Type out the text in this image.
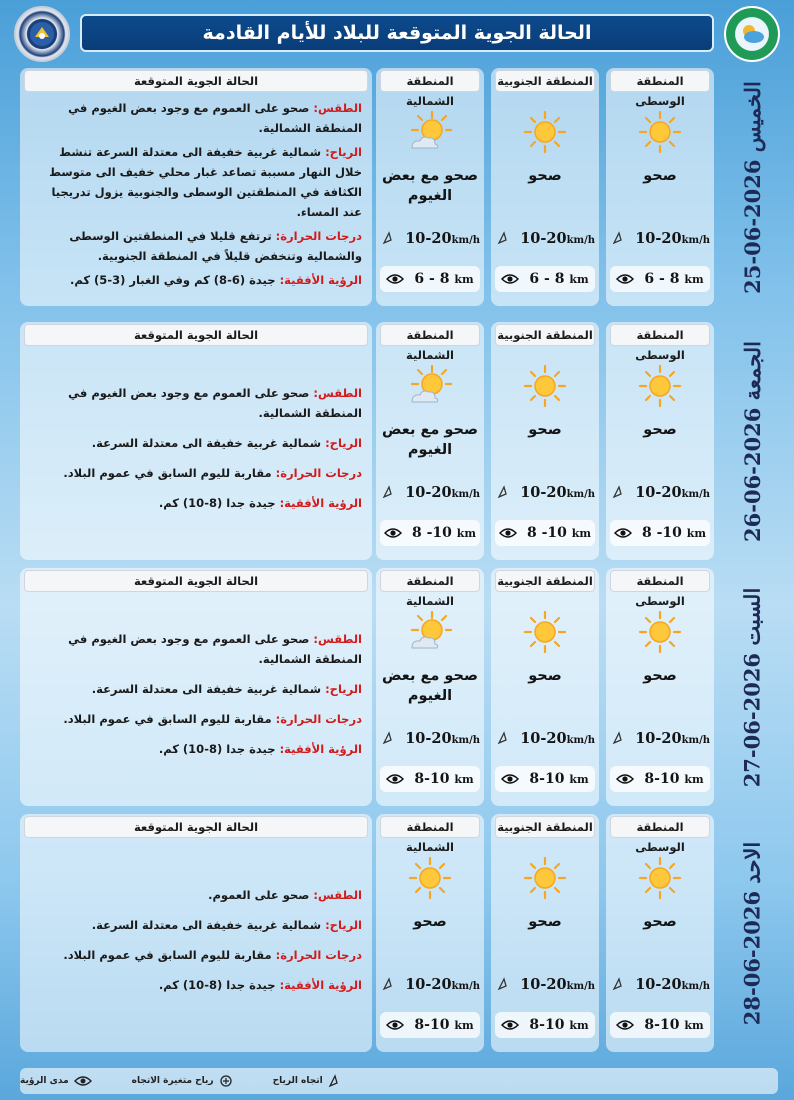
الحالة الجوية المتوقعة للبلاد للأيام القادمة
الخميس 2026-06-25
المنطقة الوسطى
صحو
10-20km/h
6 - 8 km
المنطقة الجنوبية
صحو
10-20km/h
6 - 8 km
المنطقة الشمالية
صحو مع بعض الغيوم
10-20km/h
6 - 8 km
الحالة الجوية المتوقعة

الطقس: صحو على العموم مع وجود بعض الغيوم في المنطقة الشمالية.

الرياح: شمالية غربية خفيفة الى معتدلة السرعة تنشط خلال النهار مسببة تصاعد غبار محلي خفيف الى متوسط الكثافة في المنطقتين الوسطى والجنوبية يزول تدريجيا عند المساء.

درجات الحرارة: ترتفع قليلا في المنطقتين الوسطى والشمالية وتنخفض قليلاً في المنطقة الجنوبية.

الرؤية الأفقية: جيدة (6-8) كم وفي الغبار (3-5) كم.

الجمعة 2026-06-26
المنطقة الوسطى
صحو
10-20km/h
8 -10 km
المنطقة الجنوبية
صحو
10-20km/h
8 -10 km
المنطقة الشمالية
صحو مع بعض الغيوم
10-20km/h
8 -10 km
الحالة الجوية المتوقعة

الطقس: صحو على العموم مع وجود بعض الغيوم في المنطقة الشمالية.

الرياح: شمالية غربية خفيفة الى معتدلة السرعة.

درجات الحرارة: مقاربة لليوم السابق في عموم البلاد.

الرؤية الأفقية: جيدة جدا (8-10) كم.

السبت 2026-06-27
المنطقة الوسطى
صحو
10-20km/h
8-10 km
المنطقة الجنوبية
صحو
10-20km/h
8-10 km
المنطقة الشمالية
صحو مع بعض الغيوم
10-20km/h
8-10 km
الحالة الجوية المتوقعة

الطقس: صحو على العموم مع وجود بعض الغيوم في المنطقة الشمالية.

الرياح: شمالية غربية خفيفة الى معتدلة السرعة.

درجات الحرارة: مقاربة لليوم السابق في عموم البلاد.

الرؤية الأفقية: جيدة جدا (8-10) كم.

الاحد 2026-06-28
المنطقة الوسطى
صحو
10-20km/h
8-10 km
المنطقة الجنوبية
صحو
10-20km/h
8-10 km
المنطقة الشمالية
صحو
10-20km/h
8-10 km
الحالة الجوية المتوقعة

الطقس: صحو على العموم.

الرياح: شمالية غربية خفيفة الى معتدلة السرعة.

درجات الحرارة: مقاربة لليوم السابق في عموم البلاد.

الرؤية الأفقية: جيدة جدا (8-10) كم.

اتجاه الرياح
رياح متغيرة الاتجاه
مدى الرؤية
